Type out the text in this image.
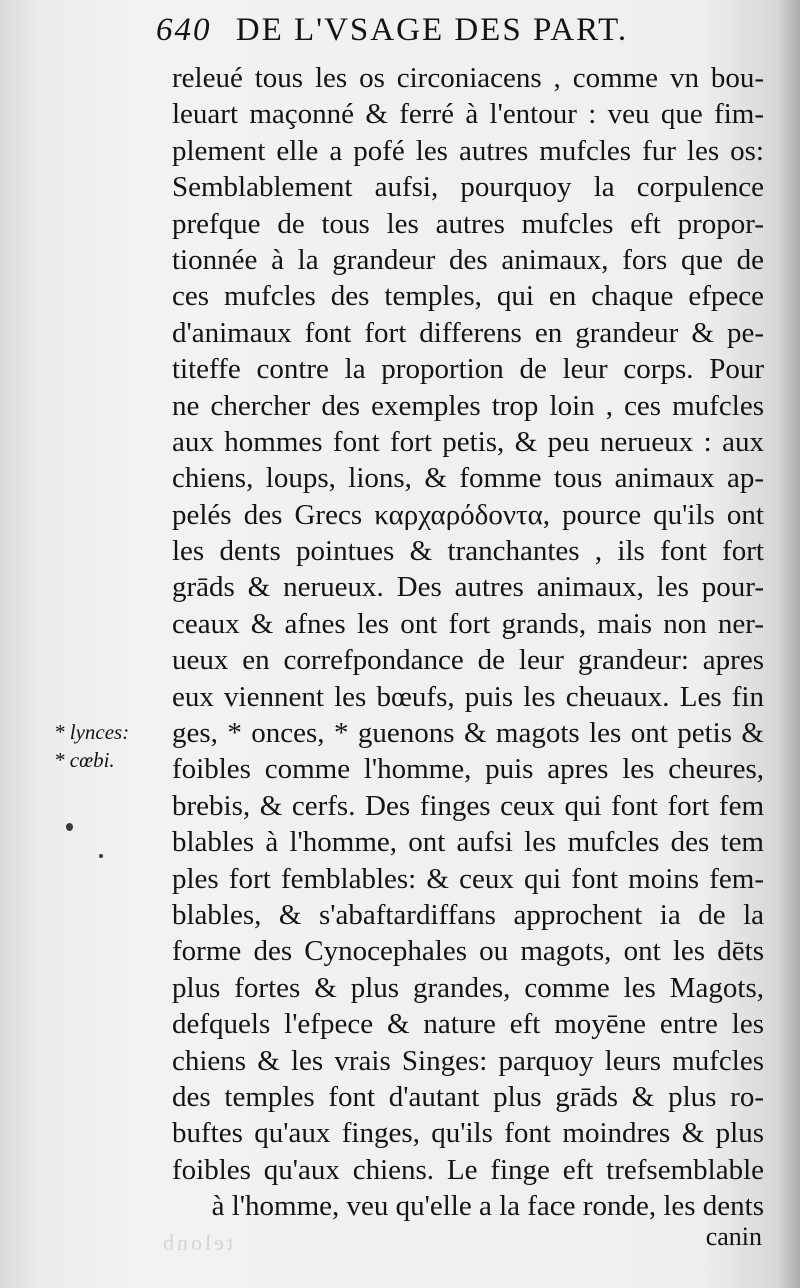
640 DE L'VSAGE DES PART.
* lynces:
* cœbi.
releué tous les os circoniacens , comme vn bou-
leuart maçonné & ferré à l'entour : veu que fim-
plement elle a pofé les autres mufcles fur les os:
Semblablement aufsi, pourquoy la corpulence
prefque de tous les autres mufcles eft propor-
tionnée à la grandeur des animaux, fors que de
ces mufcles des temples, qui en chaque efpece
d'animaux font fort differens en grandeur & pe-
titeffe contre la proportion de leur corps. Pour
ne chercher des exemples trop loin , ces mufcles
aux hommes font fort petis, & peu nerueux : aux
chiens, loups, lions, & fomme tous animaux ap-
pelés des Grecs καρχαρόδοντα, pource qu'ils ont
les dents pointues & tranchantes , ils font fort
grāds & nerueux. Des autres animaux, les pour-
ceaux & afnes les ont fort grands, mais non ner-
ueux en correfpondance de leur grandeur: apres
eux viennent les bœufs, puis les cheuaux. Les fin
ges, * onces, * guenons & magots les ont petis &
foibles comme l'homme, puis apres les cheures,
brebis, & cerfs. Des finges ceux qui font fort fem
blables à l'homme, ont aufsi les mufcles des tem
ples fort femblables: & ceux qui font moins fem-
blables, & s'abaftardiffans approchent ia de la
forme des Cynocephales ou magots, ont les dēts
plus fortes & plus grandes, comme les Magots,
defquels l'efpece & nature eft moyēne entre les
chiens & les vrais Singes: parquoy leurs mufcles
des temples font d'autant plus grāds & plus ro-
buftes qu'aux finges, qu'ils font moindres & plus
foibles qu'aux chiens. Le finge eft trefsemblable
à l'homme, veu qu'elle a la face ronde, les dents
canin
telonb
